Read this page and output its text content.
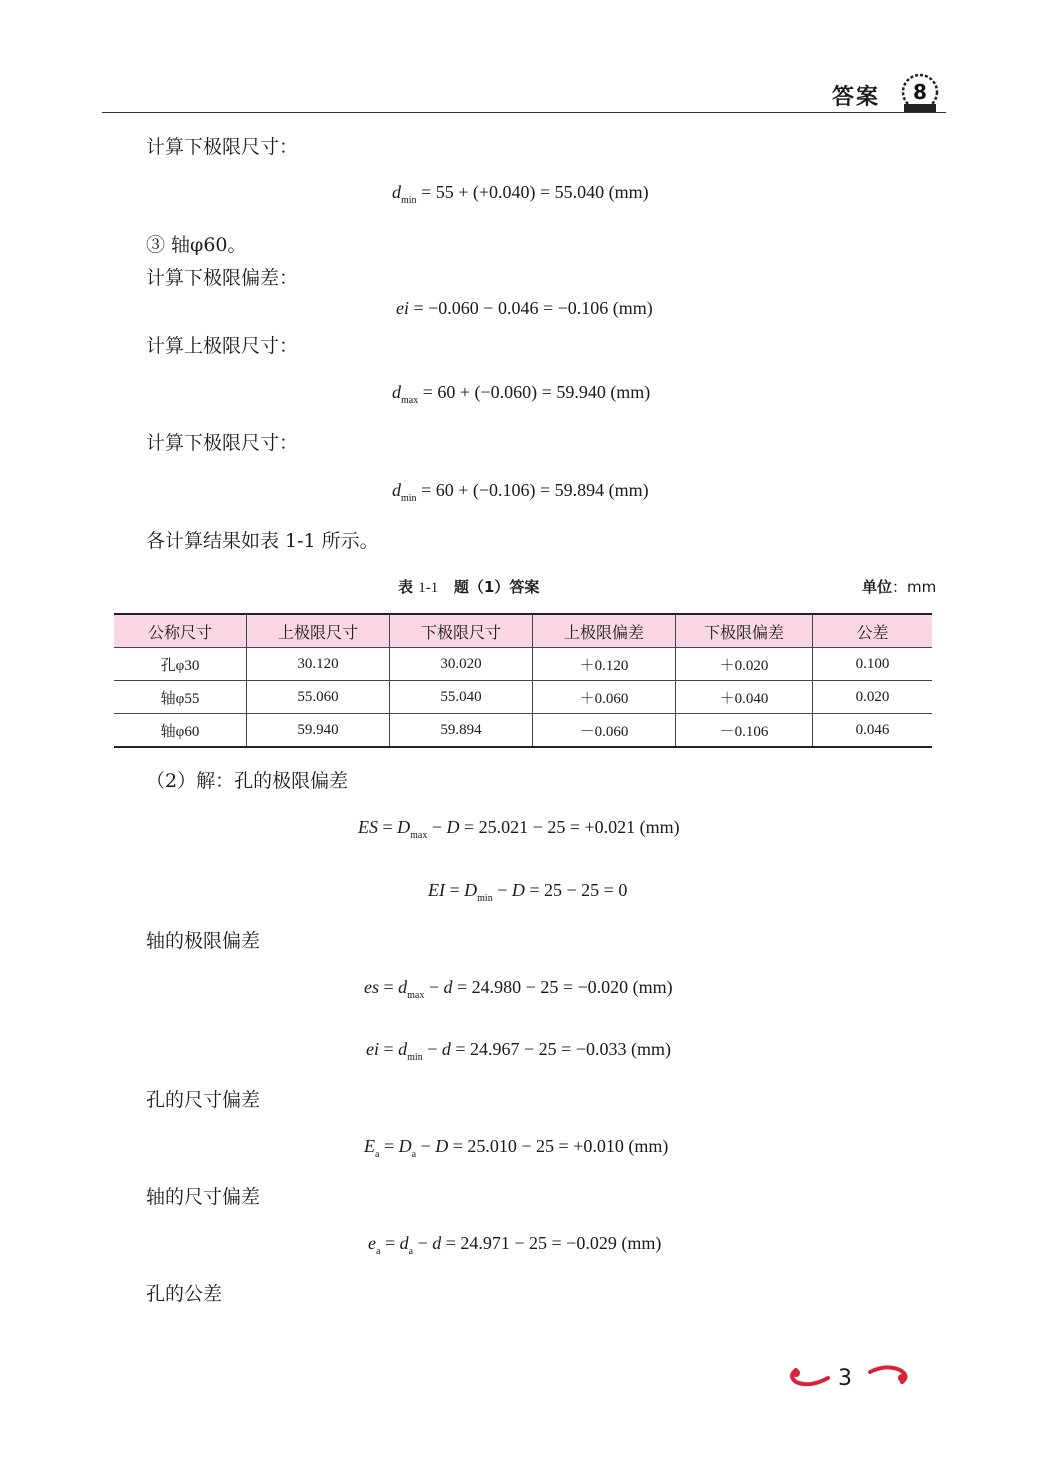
答案 8
计算下极限尺寸：
$d_{min} = 55 + (+0.040) = 55.040$ (mm)
③ 轴φ60。
计算下极限偏差：
ei = −0.060 − 0.046 = −0.106 (mm)
计算上极限尺寸：
$d_{max} = 60 + (-0.060) = 59.940$ (mm)
计算下极限尺寸：
$d_{min} = 60 + (-0.106) = 59.894$ (mm)
各计算结果如表 1-1 所示。
表 1-1 题（1）答案	单位：mm
公称尺寸	上极限尺寸	下极限尺寸	上极限偏差	下极限偏差	公差
孔φ30	30.120	30.020	＋0.120	＋0.020	0.100
轴φ55	55.060	55.040	＋0.060	＋0.040	0.020
轴φ60	59.940	59.894	－0.060	－0.106	0.046
（2）解：孔的极限偏差
ES = $D_{max} - D = 25.021 - 25 = +0.021$ (mm)
EI = $D_{min} - D = 25 - 25 = 0$
轴的极限偏差
es = $d_{max} - d = 24.980 - 25 = -0.020$ (mm)
ei = $d_{min} - d = 24.967 - 25 = -0.033$ (mm)
孔的尺寸偏差
$E_a = D_a - D = 25.010 - 25 = +0.010$ (mm)
轴的尺寸偏差
$e_a = d_a - d = 24.971 - 25 = -0.029$ (mm)
孔的公差
3
